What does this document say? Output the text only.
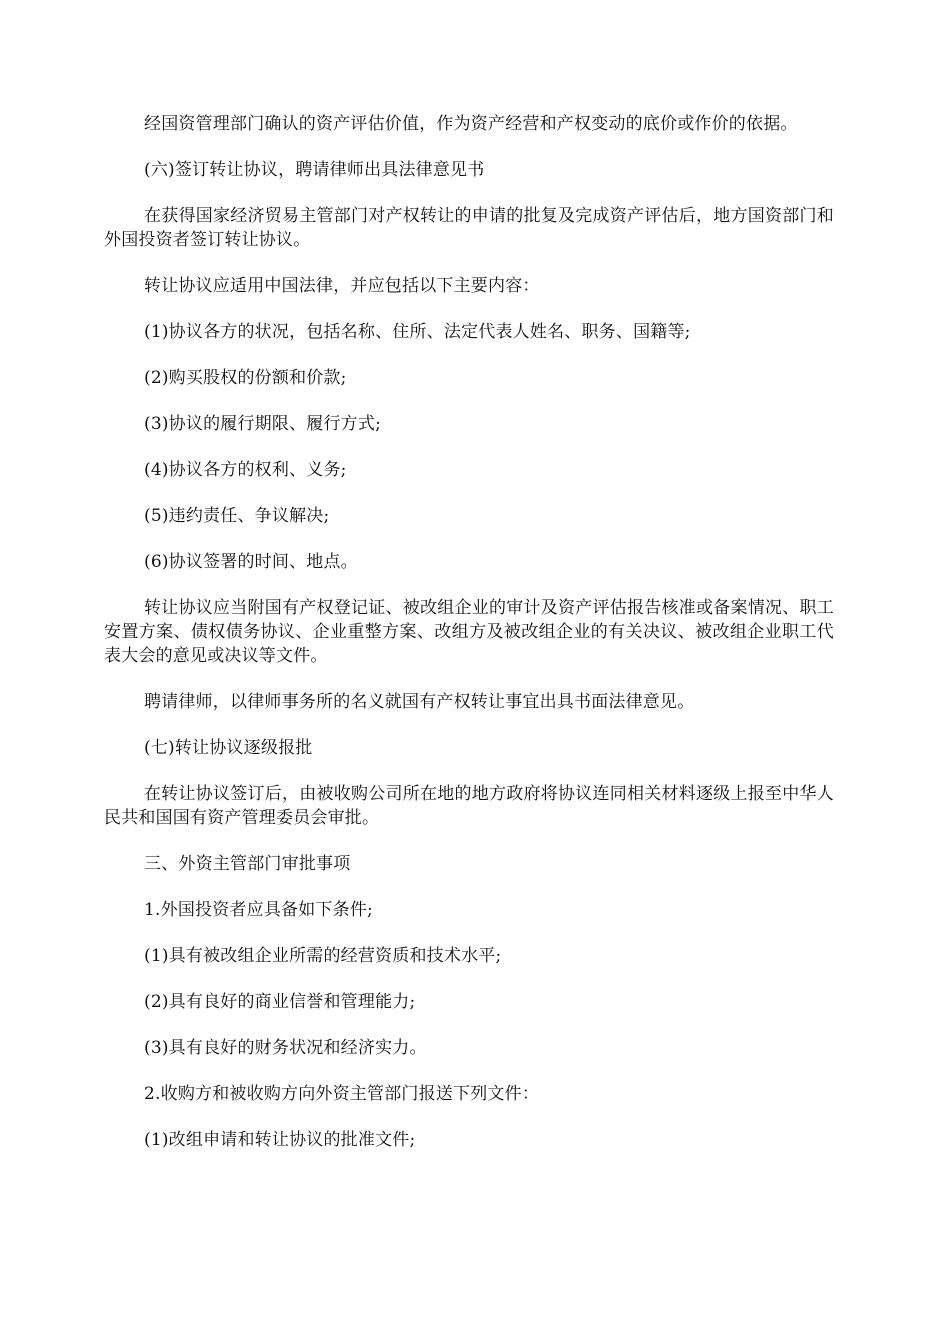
经国资管理部门确认的资产评估价值，作为资产经营和产权变动的底价或作价的依据。

(六)签订转让协议，聘请律师出具法律意见书

在获得国家经济贸易主管部门对产权转让的申请的批复及完成资产评估后，地方国资部门和外国投资者签订转让协议。

转让协议应适用中国法律，并应包括以下主要内容：

(1)协议各方的状况，包括名称、住所、法定代表人姓名、职务、国籍等;

(2)购买股权的份额和价款;

(3)协议的履行期限、履行方式;

(4)协议各方的权利、义务;

(5)违约责任、争议解决;

(6)协议签署的时间、地点。

转让协议应当附国有产权登记证、被改组企业的审计及资产评估报告核准或备案情况、职工安置方案、债权债务协议、企业重整方案、改组方及被改组企业的有关决议、被改组企业职工代表大会的意见或决议等文件。

聘请律师，以律师事务所的名义就国有产权转让事宜出具书面法律意见。

(七)转让协议逐级报批

在转让协议签订后，由被收购公司所在地的地方政府将协议连同相关材料逐级上报至中华人民共和国国有资产管理委员会审批。

三、外资主管部门审批事项

1.外国投资者应具备如下条件;

(1)具有被改组企业所需的经营资质和技术水平;

(2)具有良好的商业信誉和管理能力;

(3)具有良好的财务状况和经济实力。

2.收购方和被收购方向外资主管部门报送下列文件：

(1)改组申请和转让协议的批准文件;
